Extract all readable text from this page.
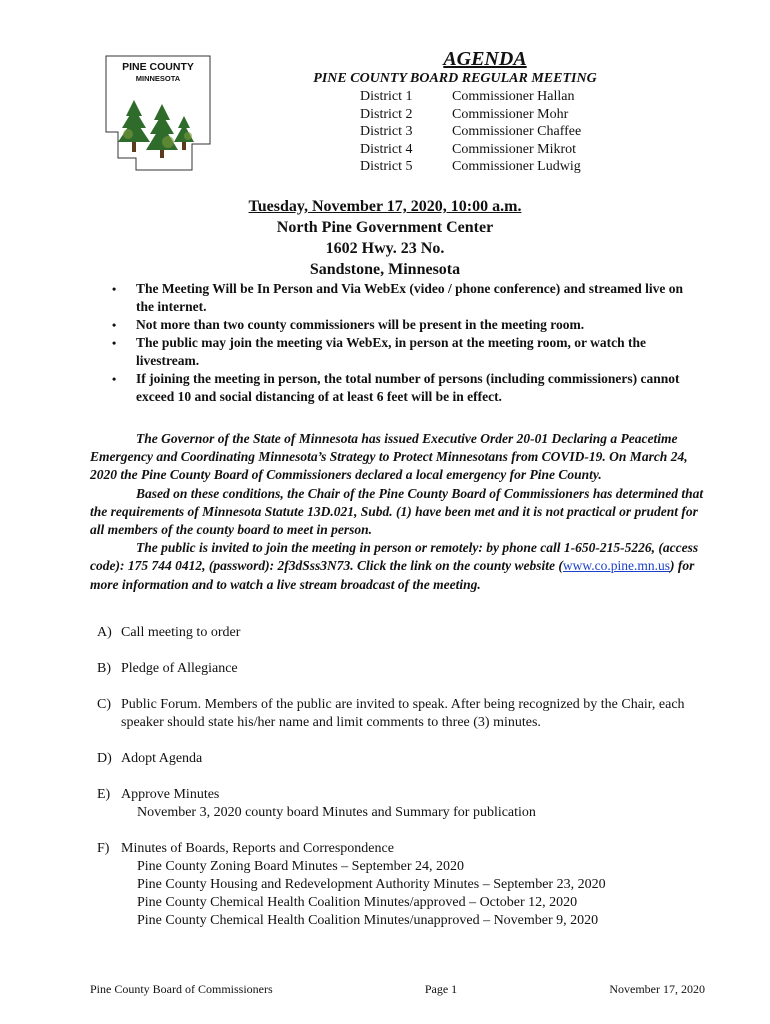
PINE COUNTY
MINNESOTA
AGENDA
PINE COUNTY BOARD REGULAR MEETING
District 1	Commissioner Hallan
District 2	Commissioner Mohr
District 3	Commissioner Chaffee
District 4	Commissioner Mikrot
District 5	Commissioner Ludwig
Tuesday, November 17, 2020, 10:00 a.m.
North Pine Government Center
1602 Hwy. 23 No.
Sandstone, Minnesota
•	The Meeting Will be In Person and Via WebEx (video / phone conference) and streamed live on the internet.
•	Not more than two county commissioners will be present in the meeting room.
•	The public may join the meeting via WebEx, in person at the meeting room, or watch the livestream.
•	If joining the meeting in person, the total number of persons (including commissioners) cannot exceed 10 and social distancing of at least 6 feet will be in effect.

The Governor of the State of Minnesota has issued Executive Order 20-01 Declaring a Peacetime Emergency and Coordinating Minnesota’s Strategy to Protect Minnesotans from COVID-19. On March 24, 2020 the Pine County Board of Commissioners declared a local emergency for Pine County.

Based on these conditions, the Chair of the Pine County Board of Commissioners has determined that the requirements of Minnesota Statute 13D.021, Subd. (1) have been met and it is not practical or prudent for all members of the county board to meet in person.

The public is invited to join the meeting in person or remotely: by phone call 1-650-215-5226, (access code): 175 744 0412, (password): 2f3dSss3N73. Click the link on the county website (www.co.pine.mn.us) for more information and to watch a live stream broadcast of the meeting.

A) Call meeting to order
B) Pledge of Allegiance
C) Public Forum. Members of the public are invited to speak. After being recognized by the Chair, each speaker should state his/her name and limit comments to three (3) minutes.
D) Adopt Agenda
E) Approve Minutes
November 3, 2020 county board Minutes and Summary for publication
F) Minutes of Boards, Reports and Correspondence
Pine County Zoning Board Minutes – September 24, 2020
Pine County Housing and Redevelopment Authority Minutes – September 23, 2020
Pine County Chemical Health Coalition Minutes/approved – October 12, 2020
Pine County Chemical Health Coalition Minutes/unapproved – November 9, 2020
Pine County Board of Commissioners	Page 1	November 17, 2020
